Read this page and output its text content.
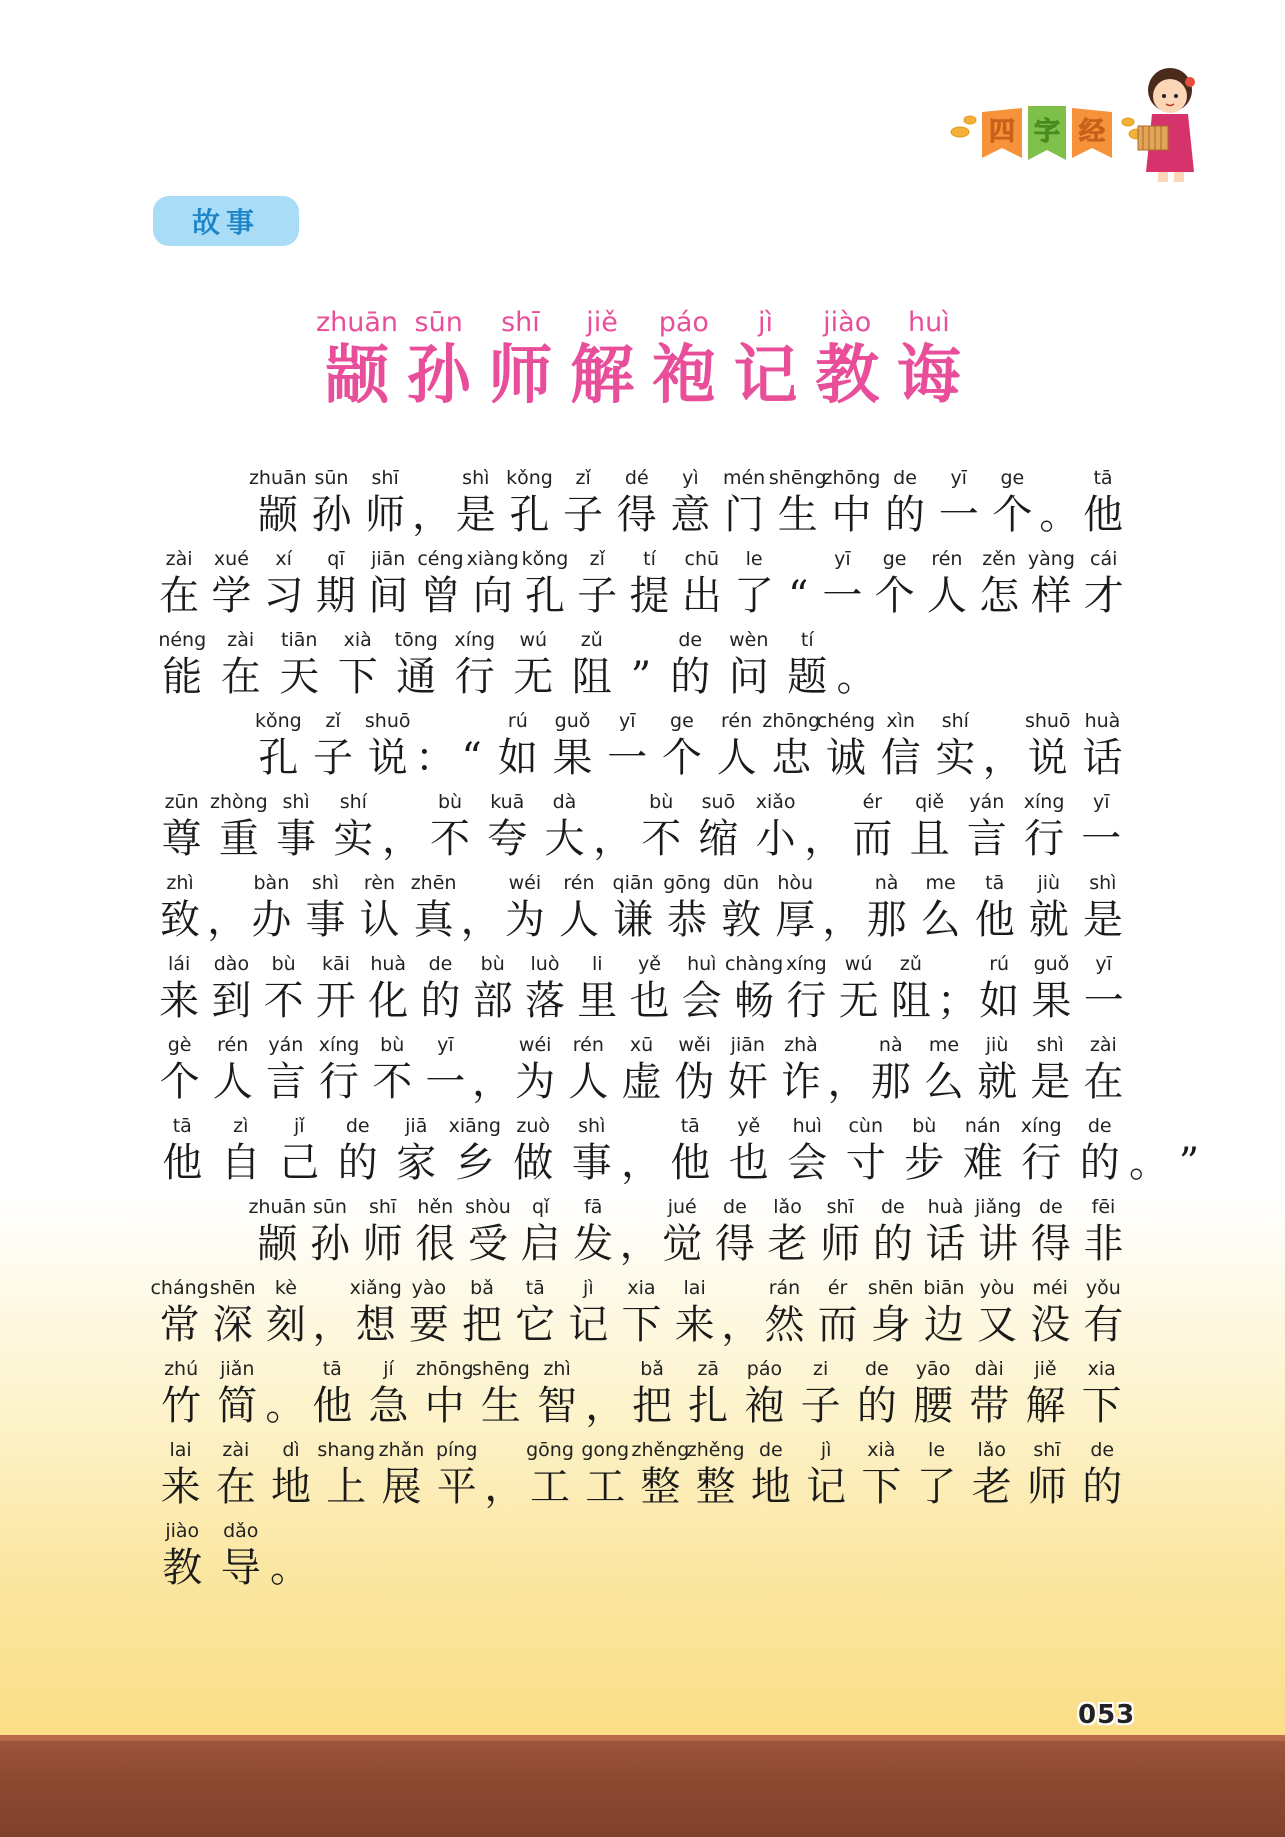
四 字 经
故事
zhuān
颛
sūn
孙
shī
师
jiě
解
páo
袍
jì
记
jiào
教
huì
诲
zhuān
颛
sūn
孙
shī
师 ，
shì
是
kǒng
孔
zǐ
子
dé
得
yì
意
mén
门
shēng
生
zhōng
中
de
的
yī
一
ge
个 。
tā
他
zài
在
xué
学
xí
习
qī
期
jiān
间
céng
曾
xiàng
向
kǒng
孔
zǐ
子
tí
提
chū
出
le
了 “
yī
一
ge
个
rén
人
zěn
怎
yàng
样
cái
才
néng
能
zài
在
tiān
天
xià
下
tōng
通
xíng
行
wú
无
zǔ
阻 ”
de
的
wèn
问
tí
题 。
kǒng
孔
zǐ
子
shuō
说 ： “
rú
如
guǒ
果
yī
一
ge
个
rén
人
zhōng
忠
chéng
诚
xìn
信
shí
实 ，
shuō
说
huà
话
zūn
尊
zhòng
重
shì
事
shí
实 ，
bù
不
kuā
夸
dà
大 ，
bù
不
suō
缩
xiǎo
小 ，
ér
而
qiě
且
yán
言
xíng
行
yī
一
zhì
致 ，
bàn
办
shì
事
rèn
认
zhēn
真 ，
wéi
为
rén
人
qiān
谦
gōng
恭
dūn
敦
hòu
厚 ，
nà
那
me
么
tā
他
jiù
就
shì
是
lái
来
dào
到
bù
不
kāi
开
huà
化
de
的
bù
部
luò
落
li
里
yě
也
huì
会
chàng
畅
xíng
行
wú
无
zǔ
阻 ；
rú
如
guǒ
果
yī
一
gè
个
rén
人
yán
言
xíng
行
bù
不
yī
一 ，
wéi
为
rén
人
xū
虚
wěi
伪
jiān
奸
zhà
诈 ，
nà
那
me
么
jiù
就
shì
是
zài
在
tā
他
zì
自
jǐ
己
de
的
jiā
家
xiāng
乡
zuò
做
shì
事 ，
tā
他
yě
也
huì
会
cùn
寸
bù
步
nán
难
xíng
行
de
的 。 ”
zhuān
颛
sūn
孙
shī
师
hěn
很
shòu
受
qǐ
启
fā
发 ，
jué
觉
de
得
lǎo
老
shī
师
de
的
huà
话
jiǎng
讲
de
得
fēi
非
cháng
常
shēn
深
kè
刻 ，
xiǎng
想
yào
要
bǎ
把
tā
它
jì
记
xia
下
lai
来 ，
rán
然
ér
而
shēn
身
biān
边
yòu
又
méi
没
yǒu
有
zhú
竹
jiǎn
简 。
tā
他
jí
急
zhōng
中
shēng
生
zhì
智 ，
bǎ
把
zā
扎
páo
袍
zi
子
de
的
yāo
腰
dài
带
jiě
解
xia
下
lai
来
zài
在
dì
地
shang
上
zhǎn
展
píng
平 ，
gōng
工
gong
工
zhěng
整
zhěng
整
de
地
jì
记
xià
下
le
了
lǎo
老
shī
师
de
的
jiào
教
dǎo
导 。
053
